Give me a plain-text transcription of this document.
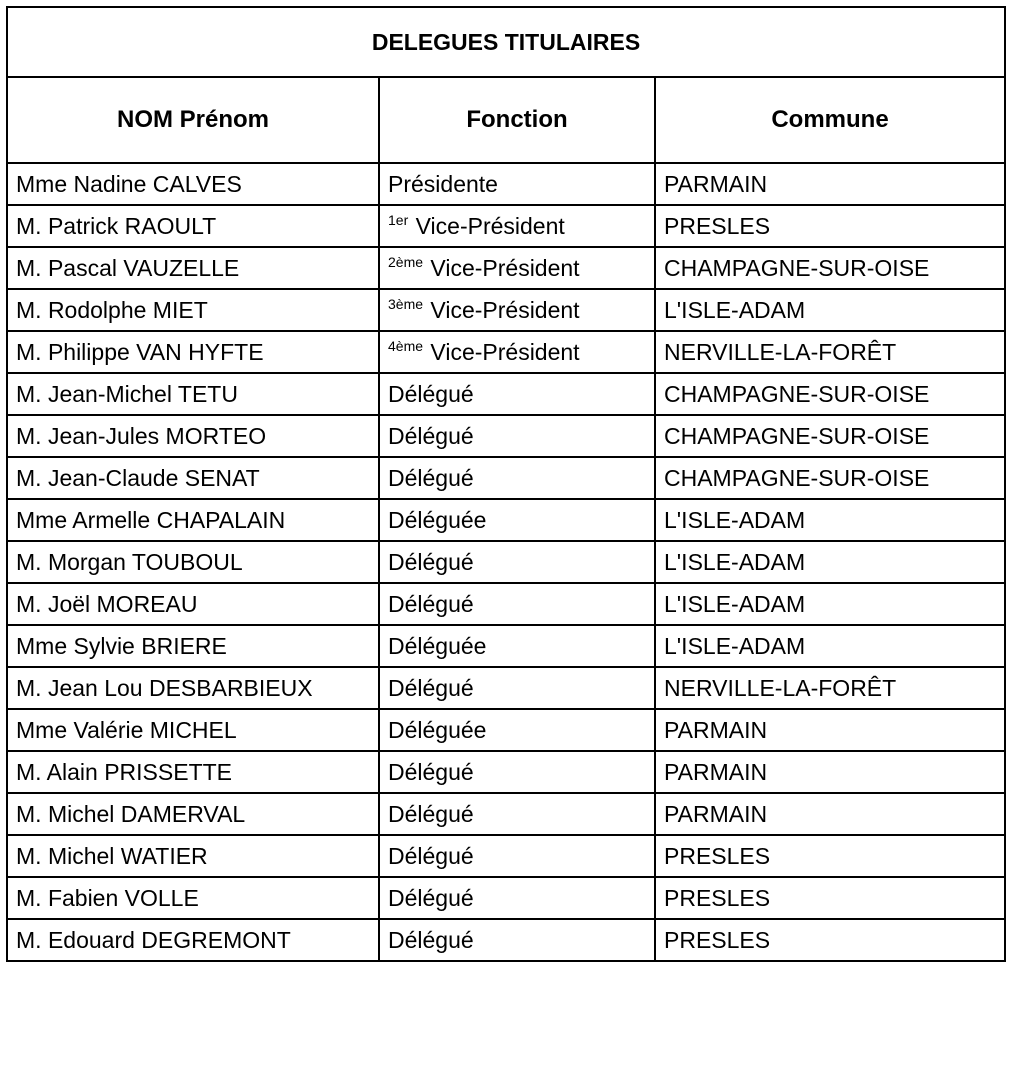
DELEGUES TITULAIRES		
NOM Prénom	Fonction	Commune
Mme Nadine CALVES	Présidente	PARMAIN
M. Patrick RAOULT	$^{1er}$ Vice-Président	PRESLES
M. Pascal VAUZELLE	$^{2ème}$ Vice-Président	CHAMPAGNE-SUR-OISE
M. Rodolphe MIET	$^{3ème}$ Vice-Président	L'ISLE-ADAM
M. Philippe VAN HYFTE	$^{4ème}$ Vice-Président	NERVILLE-LA-FORÊT
M. Jean-Michel TETU	Délégué	CHAMPAGNE-SUR-OISE
M. Jean-Jules MORTEO	Délégué	CHAMPAGNE-SUR-OISE
M. Jean-Claude SENAT	Délégué	CHAMPAGNE-SUR-OISE
Mme Armelle CHAPALAIN	Déléguée	L'ISLE-ADAM
M. Morgan TOUBOUL	Délégué	L'ISLE-ADAM
M. Joël MOREAU	Délégué	L'ISLE-ADAM
Mme Sylvie BRIERE	Déléguée	L'ISLE-ADAM
M. Jean Lou DESBARBIEUX	Délégué	NERVILLE-LA-FORÊT
Mme Valérie MICHEL	Déléguée	PARMAIN
M. Alain PRISSETTE	Délégué	PARMAIN
M. Michel DAMERVAL	Délégué	PARMAIN
M. Michel WATIER	Délégué	PRESLES
M. Fabien VOLLE	Délégué	PRESLES
M. Edouard DEGREMONT	Délégué	PRESLES
